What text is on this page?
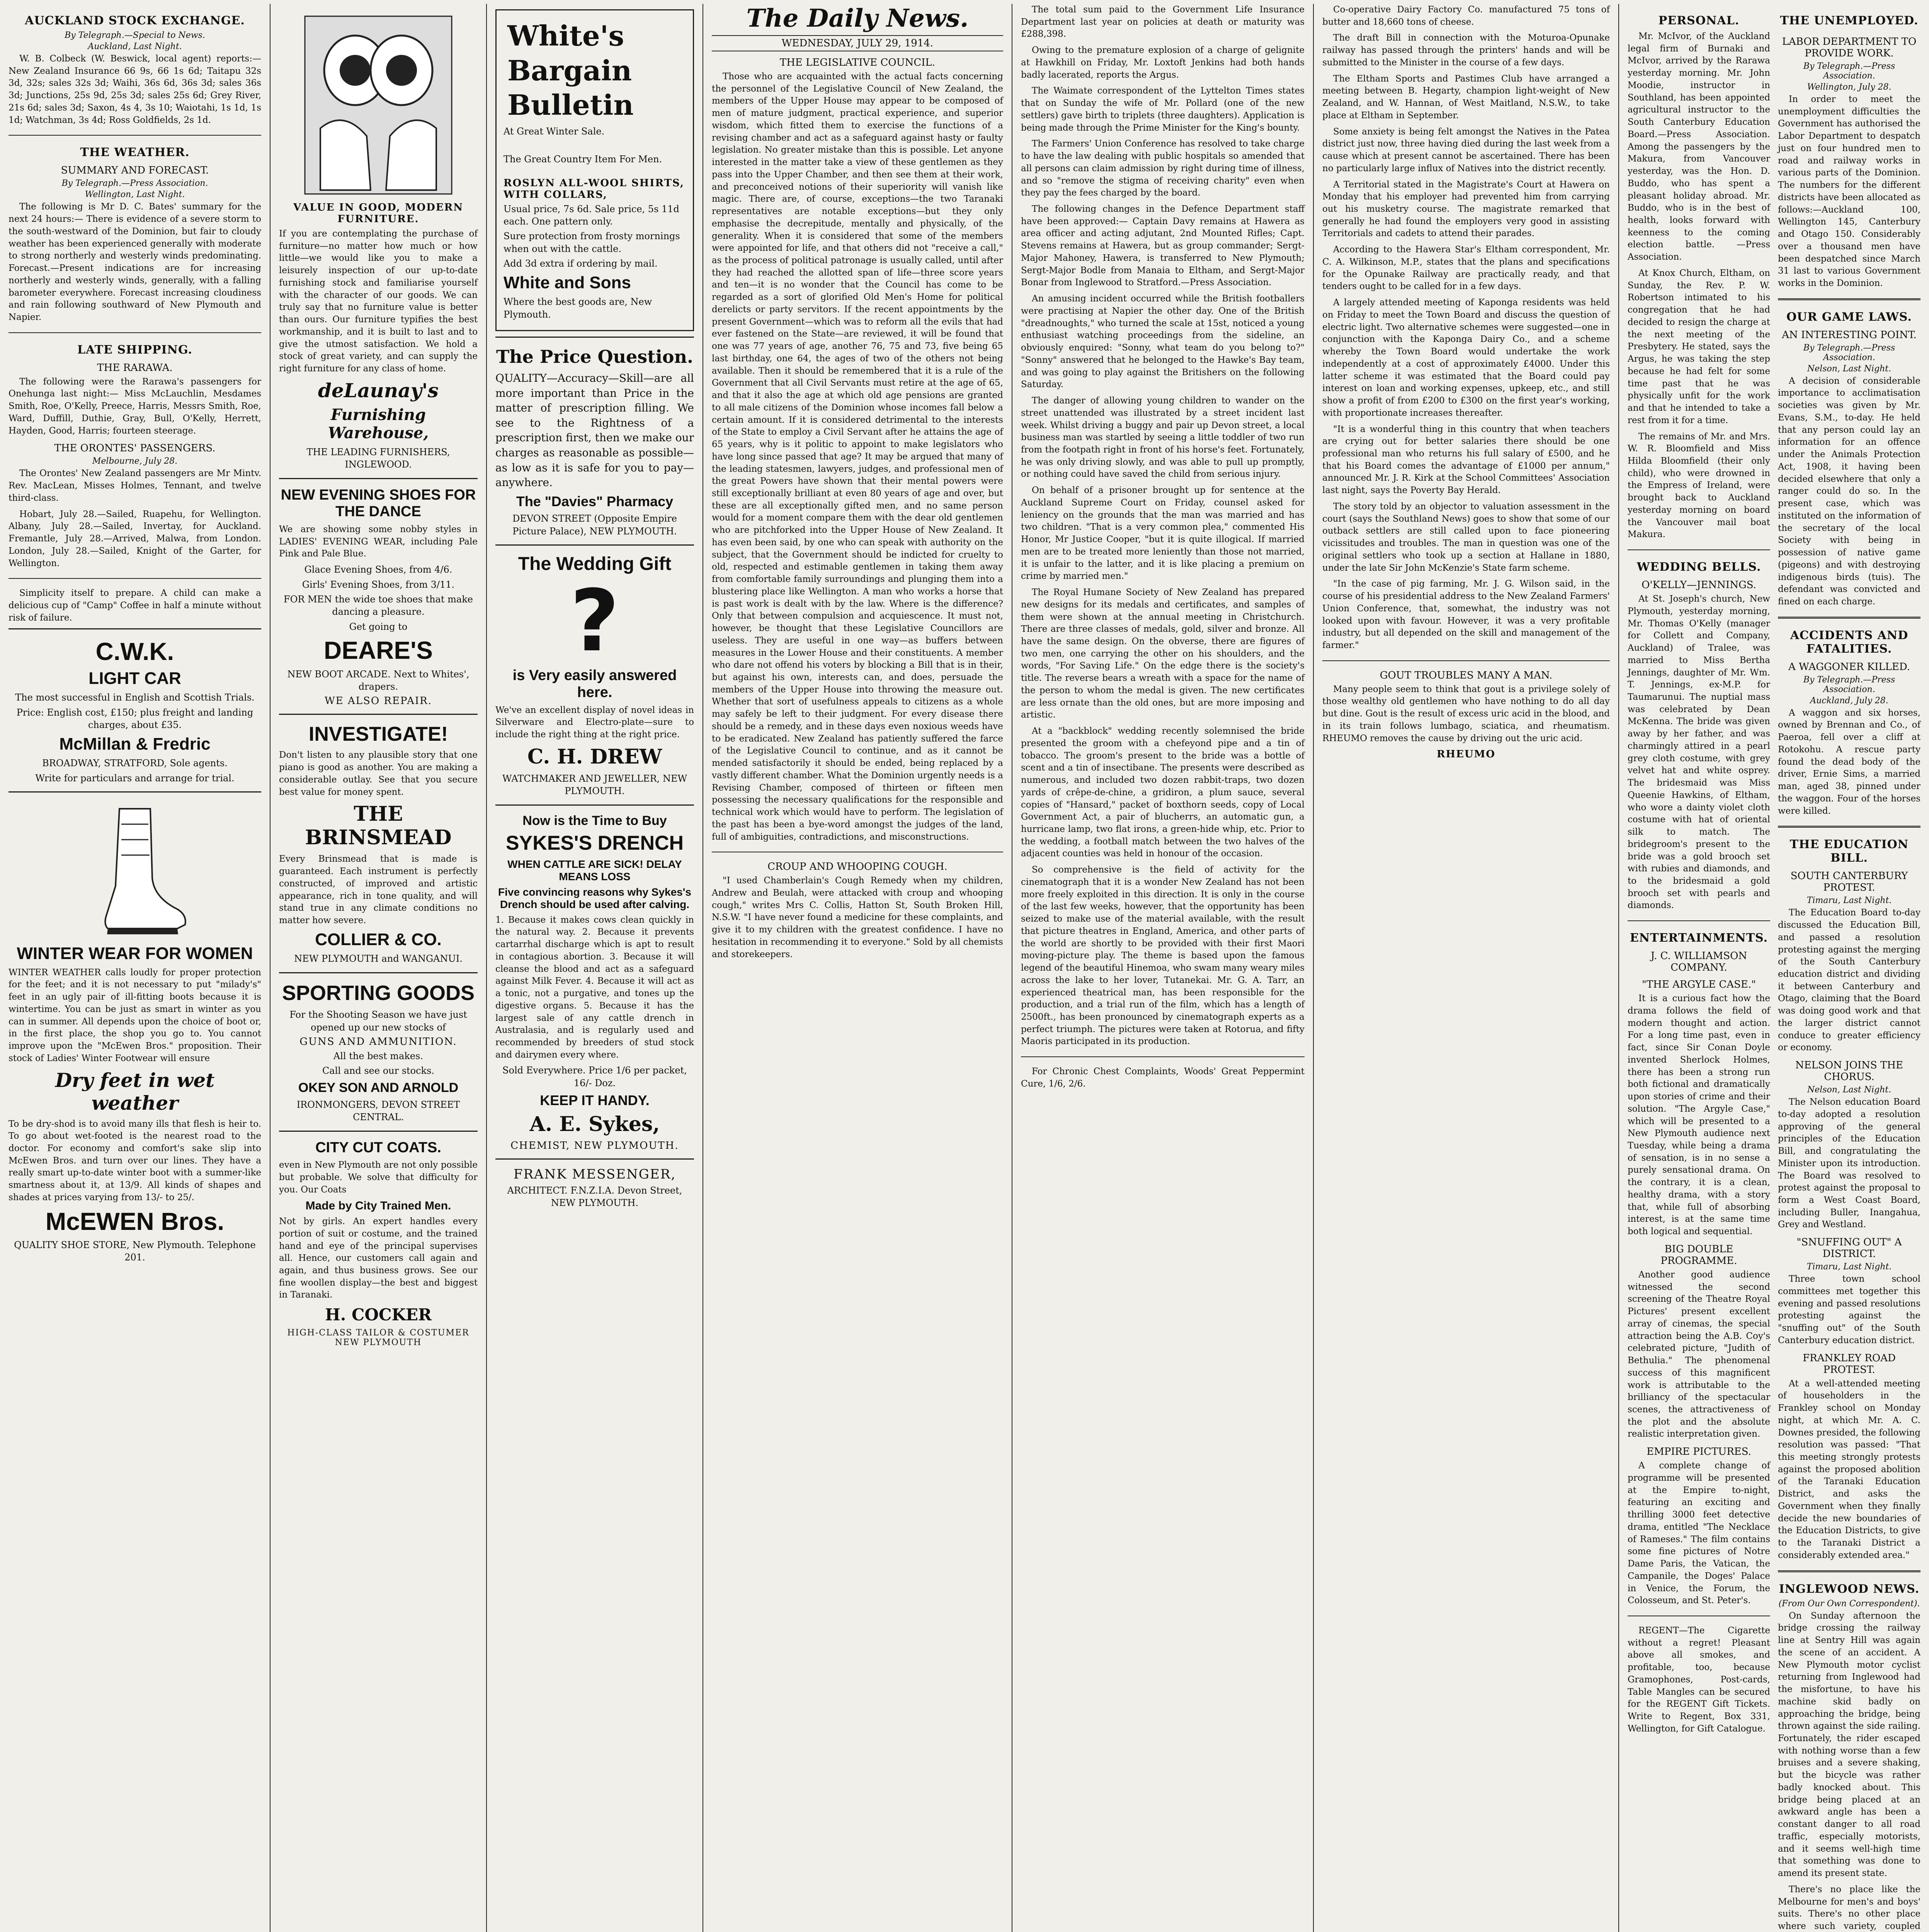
AUCKLAND STOCK EXCHANGE.
By Telegraph.—Special to News.
Auckland, Last Night.

W. B. Colbeck (W. Beswick, local agent) reports:— New Zealand Insurance 66 9s, 66 1s 6d; Taitapu 32s 3d, 32s; sales 32s 3d; Waihi, 36s 6d, 36s 3d; sales 36s 3d; Junctions, 25s 9d, 25s 3d; sales 25s 6d; Grey River, 21s 6d; sales 3d; Saxon, 4s 4, 3s 10; Waiotahi, 1s 1d, 1s 1d; Watchman, 3s 4d; Ross Goldfields, 2s 1d.

THE WEATHER.
SUMMARY AND FORECAST.
By Telegraph.—Press Association.
Wellington, Last Night.

The following is Mr D. C. Bates' summary for the next 24 hours:— There is evidence of a severe storm to the south-westward of the Dominion, but fair to cloudy weather has been experienced generally with moderate to strong northerly and westerly winds predominating. Forecast.—Present indications are for increasing northerly and westerly winds, generally, with a falling barometer everywhere. Forecast increasing cloudiness and rain following southward of New Plymouth and Napier.

LATE SHIPPING.
THE RARAWA.

The following were the Rarawa's passengers for Onehunga last night:— Miss McLauchlin, Mesdames Smith, Roe, O'Kelly, Preece, Harris, Messrs Smith, Roe, Ward, Duffill, Duthie, Gray, Bull, O'Kelly, Herrett, Hayden, Good, Harris; fourteen steerage.

THE ORONTES' PASSENGERS.
Melbourne, July 28.

The Orontes' New Zealand passengers are Mr Mintv. Rev. MacLean, Misses Holmes, Tennant, and twelve third-class.

Hobart, July 28.—Sailed, Ruapehu, for Wellington. Albany, July 28.—Sailed, Invertay, for Auckland. Fremantle, July 28.—Arrived, Malwa, from London. London, July 28.—Sailed, Knight of the Garter, for Wellington.

Simplicity itself to prepare. A child can make a delicious cup of "Camp" Coffee in half a minute without risk of failure.

C.W.K.
LIGHT CAR
The most successful in English and Scottish Trials.
Price: English cost, £150; plus freight and landing charges, about £35.
McMillan & Fredric
BROADWAY, STRATFORD, Sole agents.
Write for particulars and arrange for trial.
WINTER WEAR FOR WOMEN
WINTER WEATHER calls loudly for proper protection for the feet; and it is not necessary to put "milady's" feet in an ugly pair of ill-fitting boots because it is wintertime. You can be just as smart in winter as you can in summer. All depends upon the choice of boot or, in the first place, the shop you go to. You cannot improve upon the "McEwen Bros." proposition. Their stock of Ladies' Winter Footwear will ensure
Dry feet in wet weather
To be dry-shod is to avoid many ills that flesh is heir to. To go about wet-footed is the nearest road to the doctor. For economy and comfort's sake slip into McEwen Bros. and turn over our lines. They have a really smart up-to-date winter boot with a summer-like smartness about it, at 13/9. All kinds of shapes and shades at prices varying from 13/- to 25/.
McEWEN Bros.
QUALITY SHOE STORE, New Plymouth. Telephone 201.
VALUE IN GOOD, MODERN FURNITURE.
If you are contemplating the purchase of furniture—no matter how much or how little—we would like you to make a leisurely inspection of our up-to-date furnishing stock and familiarise yourself with the character of our goods. We can truly say that no furniture value is better than ours. Our furniture typifies the best workmanship, and it is built to last and to give the utmost satisfaction. We hold a stock of great variety, and can supply the right furniture for any class of home.
deLaunay's
Furnishing Warehouse,
THE LEADING FURNISHERS, INGLEWOOD.
NEW EVENING SHOES FOR THE DANCE
We are showing some nobby styles in LADIES' EVENING WEAR, including Pale Pink and Pale Blue.
Glace Evening Shoes, from 4/6.
Girls' Evening Shoes, from 3/11.
FOR MEN the wide toe shoes that make dancing a pleasure.
Get going to
DEARE'S
NEW BOOT ARCADE. Next to Whites', drapers.
WE ALSO REPAIR.
INVESTIGATE!
Don't listen to any plausible story that one piano is good as another. You are making a considerable outlay. See that you secure best value for money spent.
THE BRINSMEAD
Every Brinsmead that is made is guaranteed. Each instrument is perfectly constructed, of improved and artistic appearance, rich in tone quality, and will stand true in any climate conditions no matter how severe.
COLLIER & CO.
NEW PLYMOUTH and WANGANUI.
SPORTING GOODS
For the Shooting Season we have just opened up our new stocks of
GUNS AND AMMUNITION.
All the best makes.
Call and see our stocks.
OKEY SON AND ARNOLD
IRONMONGERS, DEVON STREET CENTRAL.
CITY CUT COATS.
even in New Plymouth are not only possible but probable. We solve that difficulty for you. Our Coats
Made by City Trained Men.
Not by girls. An expert handles every portion of suit or costume, and the trained hand and eye of the principal supervises all. Hence, our customers call again and again, and thus business grows. See our fine woollen display—the best and biggest in Taranaki.
H. COCKER
HIGH-CLASS TAILOR & COSTUMER NEW PLYMOUTH
White's
Bargain
Bulletin
At Great Winter Sale.
The Great Country Item For Men.
ROSLYN ALL-WOOL SHIRTS, WITH COLLARS,
Usual price, 7s 6d. Sale price, 5s 11d each. One pattern only.
Sure protection from frosty mornings when out with the cattle.
Add 3d extra if ordering by mail.
White and Sons
Where the best goods are, New Plymouth.
The Price Question.
QUALITY—Accuracy—Skill—are all more important than Price in the matter of prescription filling. We see to the Rightness of a prescription first, then we make our charges as reasonable as possible—as low as it is safe for you to pay—anywhere.
The "Davies" Pharmacy
DEVON STREET (Opposite Empire Picture Palace), NEW PLYMOUTH.
The Wedding Gift
?
is Very easily answered here.
We've an excellent display of novel ideas in Silverware and Electro-plate—sure to include the right thing at the right price.
C. H. DREW
WATCHMAKER AND JEWELLER, NEW PLYMOUTH.
Now is the Time to Buy
SYKES'S DRENCH
WHEN CATTLE ARE SICK! DELAY MEANS LOSS
Five convincing reasons why Sykes's Drench should be used after calving.
1. Because it makes cows clean quickly in the natural way. 2. Because it prevents cartarrhal discharge which is apt to result in contagious abortion. 3. Because it will cleanse the blood and act as a safeguard against Milk Fever. 4. Because it will act as a tonic, not a purgative, and tones up the digestive organs. 5. Because it has the largest sale of any cattle drench in Australasia, and is regularly used and recommended by breeders of stud stock and dairymen every where.
Sold Everywhere. Price 1/6 per packet, 16/- Doz.
KEEP IT HANDY.
A. E. Sykes,
CHEMIST, NEW PLYMOUTH.
FRANK MESSENGER,
ARCHITECT. F.N.Z.I.A. Devon Street, NEW PLYMOUTH.
The Daily News.
WEDNESDAY, JULY 29, 1914.
THE LEGISLATIVE COUNCIL.

Those who are acquainted with the actual facts concerning the personnel of the Legislative Council of New Zealand, the members of the Upper House may appear to be composed of men of mature judgment, practical experience, and superior wisdom, which fitted them to exercise the functions of a revising chamber and act as a safeguard against hasty or faulty legislation. No greater mistake than this is possible. Let anyone interested in the matter take a view of these gentlemen as they pass into the Upper Chamber, and then see them at their work, and preconceived notions of their superiority will vanish like magic. There are, of course, exceptions—the two Taranaki representatives are notable exceptions—but they only emphasise the decrepitude, mentally and physically, of the generality. When it is considered that some of the members were appointed for life, and that others did not "receive a call," as the process of political patronage is usually called, until after they had reached the allotted span of life—three score years and ten—it is no wonder that the Council has come to be regarded as a sort of glorified Old Men's Home for political derelicts or party servitors. If the recent appointments by the present Government—which was to reform all the evils that had ever fastened on the State—are reviewed, it will be found that one was 77 years of age, another 76, 75 and 73, five being 65 last birthday, one 64, the ages of two of the others not being available. Then it should be remembered that it is a rule of the Government that all Civil Servants must retire at the age of 65, and that it also the age at which old age pensions are granted to all male citizens of the Dominion whose incomes fall below a certain amount. If it is considered detrimental to the interests of the State to employ a Civil Servant after he attains the age of 65 years, why is it politic to appoint to make legislators who have long since passed that age? It may be argued that many of the leading statesmen, lawyers, judges, and professional men of the great Powers have shown that their mental powers were still exceptionally brilliant at even 80 years of age and over, but these are all exceptionally gifted men, and no same person would for a moment compare them with the dear old gentlemen who are pitchforked into the Upper House of New Zealand. It has even been said, by one who can speak with authority on the subject, that the Government should be indicted for cruelty to old, respected and estimable gentlemen in taking them away from comfortable family surroundings and plunging them into a blustering place like Wellington. A man who works a horse that is past work is dealt with by the law. Where is the difference? Only that between compulsion and acquiescence. It must not, however, be thought that these Legislative Councillors are useless. They are useful in one way—as buffers between measures in the Lower House and their constituents. A member who dare not offend his voters by blocking a Bill that is in their, but against his own, interests can, and does, persuade the members of the Upper House into throwing the measure out. Whether that sort of usefulness appeals to citizens as a whole may safely be left to their judgment. For every disease there should be a remedy, and in these days even noxious weeds have to be eradicated. New Zealand has patiently suffered the farce of the Legislative Council to continue, and as it cannot be mended satisfactorily it should be ended, being replaced by a vastly different chamber. What the Dominion urgently needs is a Revising Chamber, composed of thirteen or fifteen men possessing the necessary qualifications for the responsible and technical work which would have to perform. The legislation of the past has been a bye-word amongst the judges of the land, full of ambiguities, contradictions, and misconstructions.

CROUP AND WHOOPING COUGH.

"I used Chamberlain's Cough Remedy when my children, Andrew and Beulah, were attacked with croup and whooping cough," writes Mrs C. Collis, Hatton St, South Broken Hill, N.S.W. "I have never found a medicine for these complaints, and give it to my children with the greatest confidence. I have no hesitation in recommending it to everyone." Sold by all chemists and storekeepers.

The total sum paid to the Government Life Insurance Department last year on policies at death or maturity was £288,398.

Owing to the premature explosion of a charge of gelignite at Hawkhill on Friday, Mr. Loxtoft Jenkins had both hands badly lacerated, reports the Argus.

The Waimate correspondent of the Lyttelton Times states that on Sunday the wife of Mr. Pollard (one of the new settlers) gave birth to triplets (three daughters). Application is being made through the Prime Minister for the King's bounty.

The Farmers' Union Conference has resolved to take charge to have the law dealing with public hospitals so amended that all persons can claim admission by right during time of illness, and so "remove the stigma of receiving charity" even when they pay the fees charged by the board.

The following changes in the Defence Department staff have been approved:— Captain Davy remains at Hawera as area officer and acting adjutant, 2nd Mounted Rifles; Capt. Stevens remains at Hawera, but as group commander; Sergt-Major Mahoney, Hawera, is transferred to New Plymouth; Sergt-Major Bodle from Manaia to Eltham, and Sergt-Major Bonar from Inglewood to Stratford.—Press Association.

An amusing incident occurred while the British footballers were practising at Napier the other day. One of the British "dreadnoughts," who turned the scale at 15st, noticed a young enthusiast watching proceedings from the sideline, an obviously enquired: "Sonny, what team do you belong to?" "Sonny" answered that he belonged to the Hawke's Bay team, and was going to play against the Britishers on the following Saturday.

The danger of allowing young children to wander on the street unattended was illustrated by a street incident last week. Whilst driving a buggy and pair up Devon street, a local business man was startled by seeing a little toddler of two run from the footpath right in front of his horse's feet. Fortunately, he was only driving slowly, and was able to pull up promptly, or nothing could have saved the child from serious injury.

On behalf of a prisoner brought up for sentence at the Auckland Supreme Court on Friday, counsel asked for leniency on the grounds that the man was married and has two children. "That is a very common plea," commented His Honor, Mr Justice Cooper, "but it is quite illogical. If married men are to be treated more leniently than those not married, it is unfair to the latter, and it is like placing a premium on crime by married men."

The Royal Humane Society of New Zealand has prepared new designs for its medals and certificates, and samples of them were shown at the annual meeting in Christchurch. There are three classes of medals, gold, silver and bronze. All have the same design. On the obverse, there are figures of two men, one carrying the other on his shoulders, and the words, "For Saving Life." On the edge there is the society's title. The reverse bears a wreath with a space for the name of the person to whom the medal is given. The new certificates are less ornate than the old ones, but are more imposing and artistic.

At a "backblock" wedding recently solemnised the bride presented the groom with a chefeyond pipe and a tin of tobacco. The groom's present to the bride was a bottle of scent and a tin of insectibane. The presents were described as numerous, and included two dozen rabbit-traps, two dozen yards of crêpe-de-chine, a gridiron, a plum sauce, several copies of "Hansard," packet of boxthorn seeds, copy of Local Government Act, a pair of blucherrs, an automatic gun, a hurricane lamp, two flat irons, a green-hide whip, etc. Prior to the wedding, a football match between the two halves of the adjacent counties was held in honour of the occasion.

So comprehensive is the field of activity for the cinematograph that it is a wonder New Zealand has not been more freely exploited in this direction. It is only in the course of the last few weeks, however, that the opportunity has been seized to make use of the material available, with the result that picture theatres in England, America, and other parts of the world are shortly to be provided with their first Maori moving-picture play. The theme is based upon the famous legend of the beautiful Hinemoa, who swam many weary miles across the lake to her lover, Tutanekai. Mr. G. A. Tarr, an experienced theatrical man, has been responsible for the production, and a trial run of the film, which has a length of 2500ft., has been pronounced by cinematograph experts as a perfect triumph. The pictures were taken at Rotorua, and fifty Maoris participated in its production.

For Chronic Chest Complaints, Woods' Great Peppermint Cure, 1/6, 2/6.

Co-operative Dairy Factory Co. manufactured 75 tons of butter and 18,660 tons of cheese.

The draft Bill in connection with the Moturoa-Opunake railway has passed through the printers' hands and will be submitted to the Minister in the course of a few days.

The Eltham Sports and Pastimes Club have arranged a meeting between B. Hegarty, champion light-weight of New Zealand, and W. Hannan, of West Maitland, N.S.W., to take place at Eltham in September.

Some anxiety is being felt amongst the Natives in the Patea district just now, three having died during the last week from a cause which at present cannot be ascertained. There has been no particularly large influx of Natives into the district recently.

A Territorial stated in the Magistrate's Court at Hawera on Monday that his employer had prevented him from carrying out his musketry course. The magistrate remarked that generally he had found the employers very good in assisting Territorials and cadets to attend their parades.

According to the Hawera Star's Eltham correspondent, Mr. C. A. Wilkinson, M.P., states that the plans and specifications for the Opunake Railway are practically ready, and that tenders ought to be called for in a few days.

A largely attended meeting of Kaponga residents was held on Friday to meet the Town Board and discuss the question of electric light. Two alternative schemes were suggested—one in conjunction with the Kaponga Dairy Co., and a scheme whereby the Town Board would undertake the work independently at a cost of approximately £4000. Under this latter scheme it was estimated that the Board could pay interest on loan and working expenses, upkeep, etc., and still show a profit of from £200 to £300 on the first year's working, with proportionate increases thereafter.

"It is a wonderful thing in this country that when teachers are crying out for better salaries there should be one professional man who returns his full salary of £500, and he that his Board comes the advantage of £1000 per annum," announced Mr. J. R. Kirk at the School Committees' Association last night, says the Poverty Bay Herald.

The story told by an objector to valuation assessment in the court (says the Southland News) goes to show that some of our outback settlers are still called upon to face pioneering vicissitudes and troubles. The man in question was one of the original settlers who took up a section at Hallane in 1880, under the late Sir John McKenzie's State farm scheme.

"In the case of pig farming, Mr. J. G. Wilson said, in the course of his presidential address to the New Zealand Farmers' Union Conference, that, somewhat, the industry was not looked upon with favour. However, it was a very profitable industry, but all depended on the skill and management of the farmer."

GOUT TROUBLES MANY A MAN.

Many people seem to think that gout is a privilege solely of those wealthy old gentlemen who have nothing to do all day but dine. Gout is the result of excess uric acid in the blood, and in its train follows lumbago, sciatica, and rheumatism. RHEUMO removes the cause by driving out the uric acid.

RHEUMO
PERSONAL.	THE UNEMPLOYED.

Mr. McIvor, of the Auckland legal firm of Burnaki and McIvor, arrived by the Rarawa yesterday morning. Mr. John Moodie, instructor in Southland, has been appointed agricultural instructor to the South Canterbury Education Board.—Press Association. Among the passengers by the Makura, from Vancouver yesterday, was the Hon. D. Buddo, who has spent a pleasant holiday abroad. Mr. Buddo, who is in the best of health, looks forward with keenness to the coming election battle. —Press Association.

At Knox Church, Eltham, on Sunday, the Rev. P. W. Robertson intimated to his congregation that he had decided to resign the charge at the next meeting of the Presbytery. He stated, says the Argus, he was taking the step because he had felt for some time past that he was physically unfit for the work and that he intended to take a rest from it for a time.

The remains of Mr. and Mrs. W. R. Bloomfield and Miss Hilda Bloomfield (their only child), who were drowned in the Empress of Ireland, were brought back to Auckland yesterday morning on board the Vancouver mail boat Makura.

WEDDING BELLS.
O'KELLY—JENNINGS.

At St. Joseph's church, New Plymouth, yesterday morning, Mr. Thomas O'Kelly (manager for Collett and Company, Auckland) of Tralee, was married to Miss Bertha Jennings, daughter of Mr. Wm. T. Jennings, ex-M.P. for Taumarunui. The nuptial mass was celebrated by Dean McKenna. The bride was given away by her father, and was charmingly attired in a pearl grey cloth costume, with grey velvet hat and white osprey. The bridesmaid was Miss Queenie Hawkins, of Eltham, who wore a dainty violet cloth costume with hat of oriental silk to match. The bridegroom's present to the bride was a gold brooch set with rubies and diamonds, and to the bridesmaid a gold brooch set with pearls and diamonds.

ENTERTAINMENTS.
J. C. WILLIAMSON COMPANY.
"THE ARGYLE CASE."

It is a curious fact how the drama follows the field of modern thought and action. For a long time past, even in fact, since Sir Conan Doyle invented Sherlock Holmes, there has been a strong run both fictional and dramatically upon stories of crime and their solution. "The Argyle Case," which will be presented to a New Plymouth audience next Tuesday, while being a drama of sensation, is in no sense a purely sensational drama. On the contrary, it is a clean, healthy drama, with a story that, while full of absorbing interest, is at the same time both logical and sequential.

BIG DOUBLE PROGRAMME.

Another good audience witnessed the second screening of the Theatre Royal Pictures' present excellent array of cinemas, the special attraction being the A.B. Coy's celebrated picture, "Judith of Bethulia." The phenomenal success of this magnificent work is attributable to the brilliancy of the spectacular scenes, the attractiveness of the plot and the absolute realistic interpretation given.

EMPIRE PICTURES.

A complete change of programme will be presented at the Empire to-night, featuring an exciting and thrilling 3000 feet detective drama, entitled "The Necklace of Rameses." The film contains some fine pictures of Notre Dame Paris, the Vatican, the Campanile, the Doges' Palace in Venice, the Forum, the Colosseum, and St. Peter's.

REGENT—The Cigarette without a regret! Pleasant above all smokes, and profitable, too, because Gramophones, Post-cards, Table Mangles can be secured for the REGENT Gift Tickets. Write to Regent, Box 331, Wellington, for Gift Catalogue.

LABOR DEPARTMENT TO PROVIDE WORK.
By Telegraph.—Press Association.
Wellington, July 28.

In order to meet the unemployment difficulties the Government has authorised the Labor Department to despatch just on four hundred men to road and railway works in various parts of the Dominion. The numbers for the different districts have been allocated as follows:—Auckland 100, Wellington 145, Canterbury and Otago 150. Considerably over a thousand men have been despatched since March 31 last to various Government works in the Dominion.

OUR GAME LAWS.
AN INTERESTING POINT.
By Telegraph.—Press Association.
Nelson, Last Night.

A decision of considerable importance to acclimatisation societies was given by Mr. Evans, S.M., to-day. He held that any person could lay an information for an offence under the Animals Protection Act, 1908, it having been decided elsewhere that only a ranger could do so. In the present case, which was instituted on the information of the secretary of the local Society with being in possession of native game (pigeons) and with destroying indigenous birds (tuis). The defendant was convicted and fined on each charge.

ACCIDENTS AND FATALITIES.
A WAGGONER KILLED.
By Telegraph.—Press Association.
Auckland, July 28.

A waggon and six horses, owned by Brennan and Co., of Paeroa, fell over a cliff at Rotokohu. A rescue party found the dead body of the driver, Ernie Sims, a married man, aged 38, pinned under the waggon. Four of the horses were killed.

THE EDUCATION BILL.
SOUTH CANTERBURY PROTEST.
Timaru, Last Night.

The Education Board to-day discussed the Education Bill, and passed a resolution protesting against the merging of the South Canterbury education district and dividing it between Canterbury and Otago, claiming that the Board was doing good work and that the larger district cannot conduce to greater efficiency or economy.

NELSON JOINS THE CHORUS.
Nelson, Last Night.

The Nelson education Board to-day adopted a resolution approving of the general principles of the Education Bill, and congratulating the Minister upon its introduction. The Board was resolved to protest against the proposal to form a West Coast Board, including Buller, Inangahua, Grey and Westland.

"SNUFFING OUT" A DISTRICT.
Timaru, Last Night.

Three town school committees met together this evening and passed resolutions protesting against the "snuffing out" of the South Canterbury education district.

FRANKLEY ROAD PROTEST.

At a well-attended meeting of householders in the Frankley school on Monday night, at which Mr. A. C. Downes presided, the following resolution was passed: "That this meeting strongly protests against the proposed abolition of the Taranaki Education District, and asks the Government when they finally decide the new boundaries of the Education Districts, to give to the Taranaki District a considerably extended area."

INGLEWOOD NEWS.
(From Our Own Correspondent).

On Sunday afternoon the bridge crossing the railway line at Sentry Hill was again the scene of an accident. A New Plymouth motor cyclist returning from Inglewood had the misfortune, to have his machine skid badly on approaching the bridge, being thrown against the side railing. Fortunately, the rider escaped with nothing worse than a few bruises and a severe shaking, but the bicycle was rather badly knocked about. This bridge being placed at an awkward angle has been a constant danger to all road traffic, especially motorists, and it seems well-high time that something was done to amend its present state.

There's no place like the Melbourne for men's and boys' suits. There's no other place where such variety, coupled
